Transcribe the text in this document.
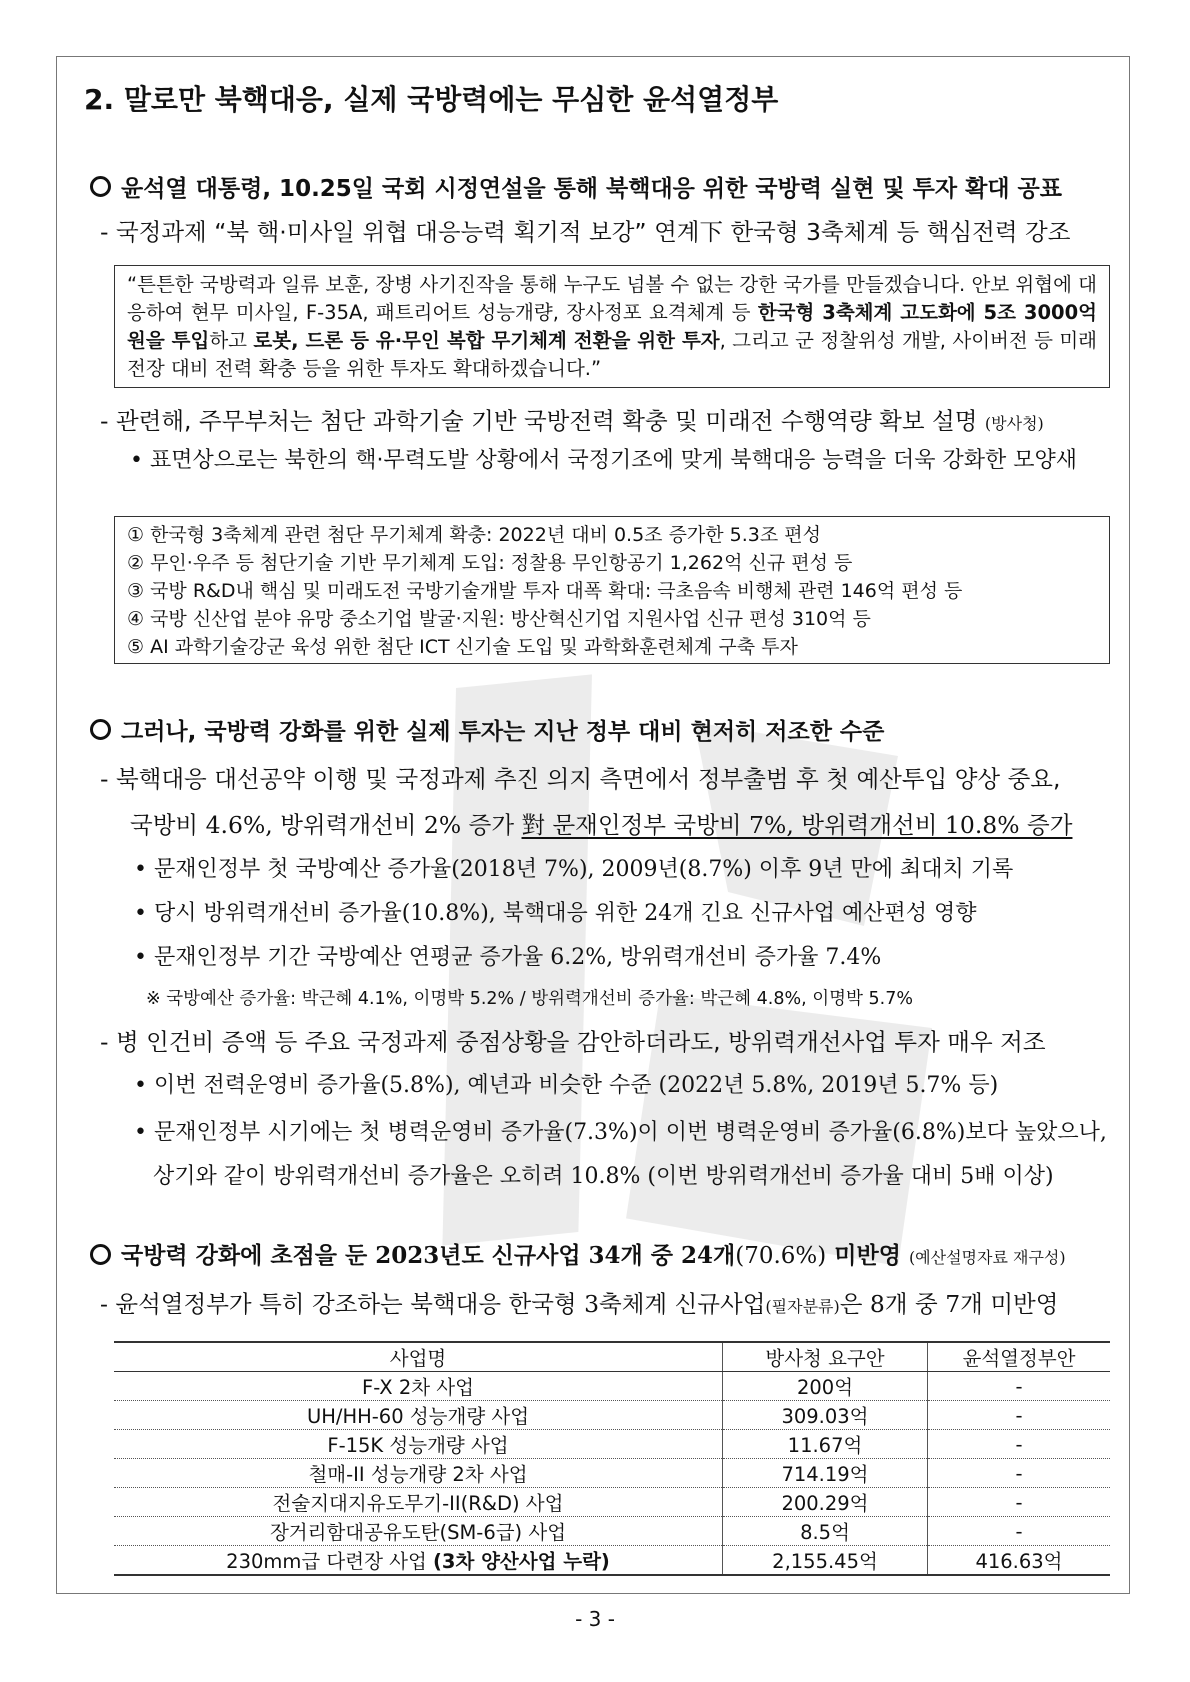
2. 말로만 북핵대응, 실제 국방력에는 무심한 윤석열정부
윤석열 대통령, 10.25일 국회 시정연설을 통해 북핵대응 위한 국방력 실현 및 투자 확대 공표
- 국정과제 “북 핵·미사일 위협 대응능력 획기적 보강” 연계下 한국형 3축체계 등 핵심전력 강조
“튼튼한 국방력과 일류 보훈, 장병 사기진작을 통해 누구도 넘볼 수 없는 강한 국가를 만들겠습니다. 안보 위협에 대응하여 현무 미사일, F-35A, 패트리어트 성능개량, 장사정포 요격체계 등 한국형 3축체계 고도화에 5조 3000억원을 투입하고 로봇, 드론 등 유·무인 복합 무기체계 전환을 위한 투자, 그리고 군 정찰위성 개발, 사이버전 등 미래전장 대비 전력 확충 등을 위한 투자도 확대하겠습니다.”
- 관련해, 주무부처는 첨단 과학기술 기반 국방전력 확충 및 미래전 수행역량 확보 설명 (방사청)
• 표면상으로는 북한의 핵·무력도발 상황에서 국정기조에 맞게 북핵대응 능력을 더욱 강화한 모양새
① 한국형 3축체계 관련 첨단 무기체계 확충: 2022년 대비 0.5조 증가한 5.3조 편성
② 무인·우주 등 첨단기술 기반 무기체계 도입: 정찰용 무인항공기 1,262억 신규 편성 등
③ 국방 R&D내 핵심 및 미래도전 국방기술개발 투자 대폭 확대: 극초음속 비행체 관련 146억 편성 등
④ 국방 신산업 분야 유망 중소기업 발굴·지원: 방산혁신기업 지원사업 신규 편성 310억 등
⑤ AI 과학기술강군 육성 위한 첨단 ICT 신기술 도입 및 과학화훈련체계 구축 투자
그러나, 국방력 강화를 위한 실제 투자는 지난 정부 대비 현저히 저조한 수준
- 북핵대응 대선공약 이행 및 국정과제 추진 의지 측면에서 정부출범 후 첫 예산투입 양상 중요,
국방비 4.6%, 방위력개선비 2% 증가 對 문재인정부 국방비 7%, 방위력개선비 10.8% 증가
• 문재인정부 첫 국방예산 증가율(2018년 7%), 2009년(8.7%) 이후 9년 만에 최대치 기록
• 당시 방위력개선비 증가율(10.8%), 북핵대응 위한 24개 긴요 신규사업 예산편성 영향
• 문재인정부 기간 국방예산 연평균 증가율 6.2%, 방위력개선비 증가율 7.4%
※ 국방예산 증가율: 박근혜 4.1%, 이명박 5.2% / 방위력개선비 증가율: 박근혜 4.8%, 이명박 5.7%
- 병 인건비 증액 등 주요 국정과제 중점상황을 감안하더라도, 방위력개선사업 투자 매우 저조
• 이번 전력운영비 증가율(5.8%), 예년과 비슷한 수준 (2022년 5.8%, 2019년 5.7% 등)
• 문재인정부 시기에는 첫 병력운영비 증가율(7.3%)이 이번 병력운영비 증가율(6.8%)보다 높았으나,
상기와 같이 방위력개선비 증가율은 오히려 10.8% (이번 방위력개선비 증가율 대비 5배 이상)
국방력 강화에 초점을 둔 2023년도 신규사업 34개 중 24개(70.6%) 미반영 (예산설명자료 재구성)
- 윤석열정부가 특히 강조하는 북핵대응 한국형 3축체계 신규사업(필자분류)은 8개 중 7개 미반영
사업명	방사청 요구안	윤석열정부안
F-X 2차 사업	200억	-
UH/HH-60 성능개량 사업	309.03억	-
F-15K 성능개량 사업	11.67억	-
철매-II 성능개량 2차 사업	714.19억	-
전술지대지유도무기-II(R&D) 사업	200.29억	-
장거리함대공유도탄(SM-6급) 사업	8.5억	-
230mm급 다련장 사업 (3차 양산사업 누락)	2,155.45억	416.63억
- 3 -
